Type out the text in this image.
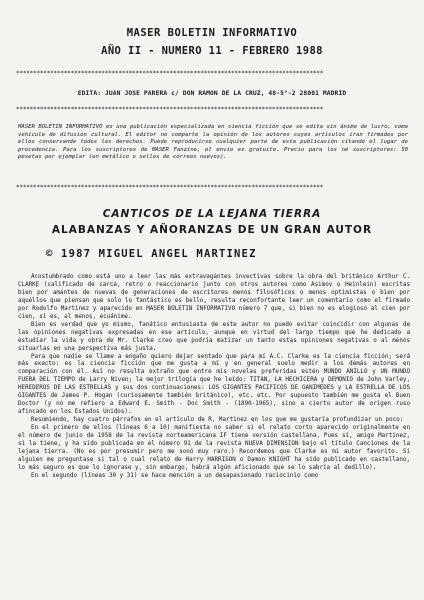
MASER BOLETIN INFORMATIVO
AÑO II - NUMERO 11 - FEBRERO 1988
******************************************************************************************
EDITA: JUAN JOSE PARERA c/ DON RAMON DE LA CRUZ, 48-5°-2 28001 MADRID
******************************************************************************************

MASER BOLETIN INFORMATIVO es una publicación especializada en ciencia ficción que se edita sin ánimo de lucro, como vehículo de difusión cultural. El editor no comparte la opinión de los autores cuyos artículos iran firmados por ellos conservando todos los derechos. Puede reproducirse cualquier parte de esta publicación citando el lugar de procedencia. Para los suscriptores de MASER Fanzine, el envío es gratuito. Precio para los no suscriptores: 50 pesetas por ejemplar (en metálico o sellos de correos nuevos).

******************************************************************************************
CANTICOS DE LA LEJANA TIERRA
ALABANZAS Y AÑORANZAS DE UN GRAN AUTOR
© 1987 MIGUEL ANGEL MARTINEZ

Acostumbrado como está uno a leer las más extravagantes invectivas sobre la obra del británico Arthur C. CLARKE (calificado de carca, retro o reaccionario junto con otros autores como Asimov o Heinlein) escritas bien por amantes de nuevas de generaciones de escritores menos filosóficos o menos optimistas o bien por aquellos que piensan que solo lo fantástico es bello, resulta reconfortante leer un comentario como el firmado por Rodolfo Martinez y aparecido en MASER BOLETIN INFORMATIVO número 7 que, si bien no es elogioso al cien por cien, si es, al menos, ecuánime.

Bien es verdad que yo mismo, fanático entusiasta de este autor no puedo evitar coincidir con algunas de las opiniones negativas expresadas en ese artículo, aunque en virtud del largo tiempo que he dedicado a estudiar la vida y obra de Mr. Clarke creo que podría matizar un tanto estas opiniones negativas o al menos situarlas en una perspectiva más justa.

Para que nadie se llame a engaño quiero dejar sentado que para mí A.C. Clarke es la ciencia ficción; será más exacto: es la ciencia ficción que me gusta a mí y en general suelo medir a los demás autores en comparación con él. Así no resulta extraño que entre mis novelas preferidas estén MUNDO ANILLO y UN MUNDO FUERA DEL TIEMPO de Larry Niven; la mejor trilogía que he leído: TITAN, LA HECHICERA y DEMONIO de John Varley, HEREDEROS DE LAS ESTRELLAS y sus dos continuaciones: LOS GIGANTES PACIFICOS DE GANIMEDES y LA ESTRELLA DE LOS GIGANTES de James P. Hogan (curiosamente también británico), etc. etc. Por supuesto también me gusta el Buen Doctor (y no me refiero a Edward E. Smith - Doc Smith - (1890-1965), sino a cierto autor de origen ruso afincado en los Estados Unidos).

Resumiendo, hay cuatro párrafos en el artículo de R. Martinez en los que me gustaría profundizar un poco:

En el primero de ellos (líneas 6 a 10) manifiesta no saber si el relato corto aparecido originalmente en el número de junio de 1958 de la revista norteamericana IF tiene versión castellana. Pues sí, amigo Martinez, si la tiene, y ha sido publicada en el número 91 de la revista NUEVA DIMENSION bajo el título Canciones de la lejana tierra. (No es por presumir pero me sonó muy raro.) Recordemos que Clarke es mi autor favorito. Si alguien me preguntase si tal o cual relato de Harry HARRISON o Damon KNIGHT ha sido publicado en castellano, lo más seguro es que lo ignorase y, sin embargo, habrá algún aficionado que se lo sabría al dedillo).

En el segundo (líneas 30 y 31) se hace mención a un desapasionado raciocinio como
